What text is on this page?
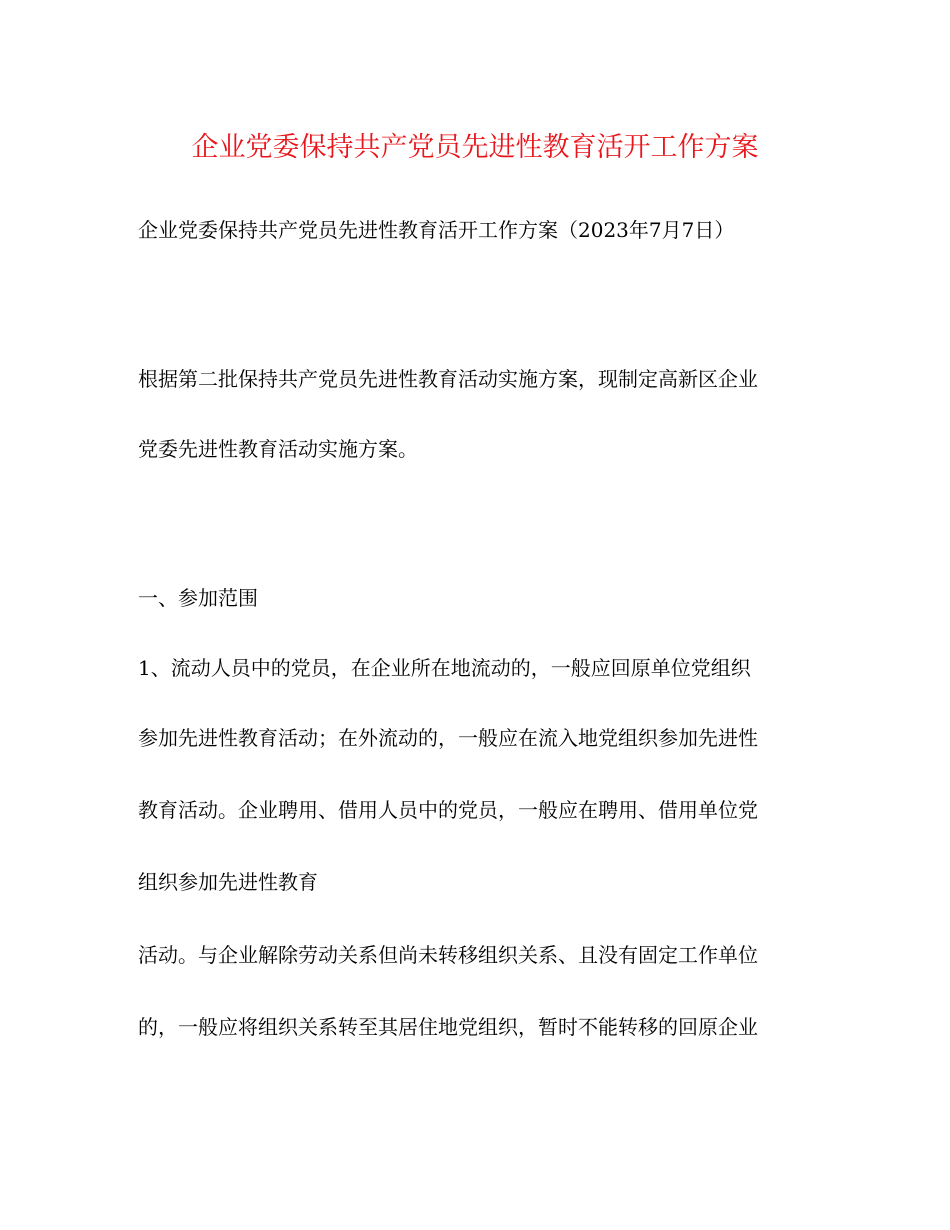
企业党委保持共产党员先进性教育活开工作方案
企业党委保持共产党员先进性教育活开工作方案（2023年7月7日）
根据第二批保持共产党员先进性教育活动实施方案，现制定高新区企业
党委先进性教育活动实施方案。
一、参加范围
1、流动人员中的党员，在企业所在地流动的，一般应回原单位党组织
参加先进性教育活动；在外流动的，一般应在流入地党组织参加先进性
教育活动。企业聘用、借用人员中的党员，一般应在聘用、借用单位党
组织参加先进性教育
活动。与企业解除劳动关系但尚未转移组织关系、且没有固定工作单位
的，一般应将组织关系转至其居住地党组织，暂时不能转移的回原企业
